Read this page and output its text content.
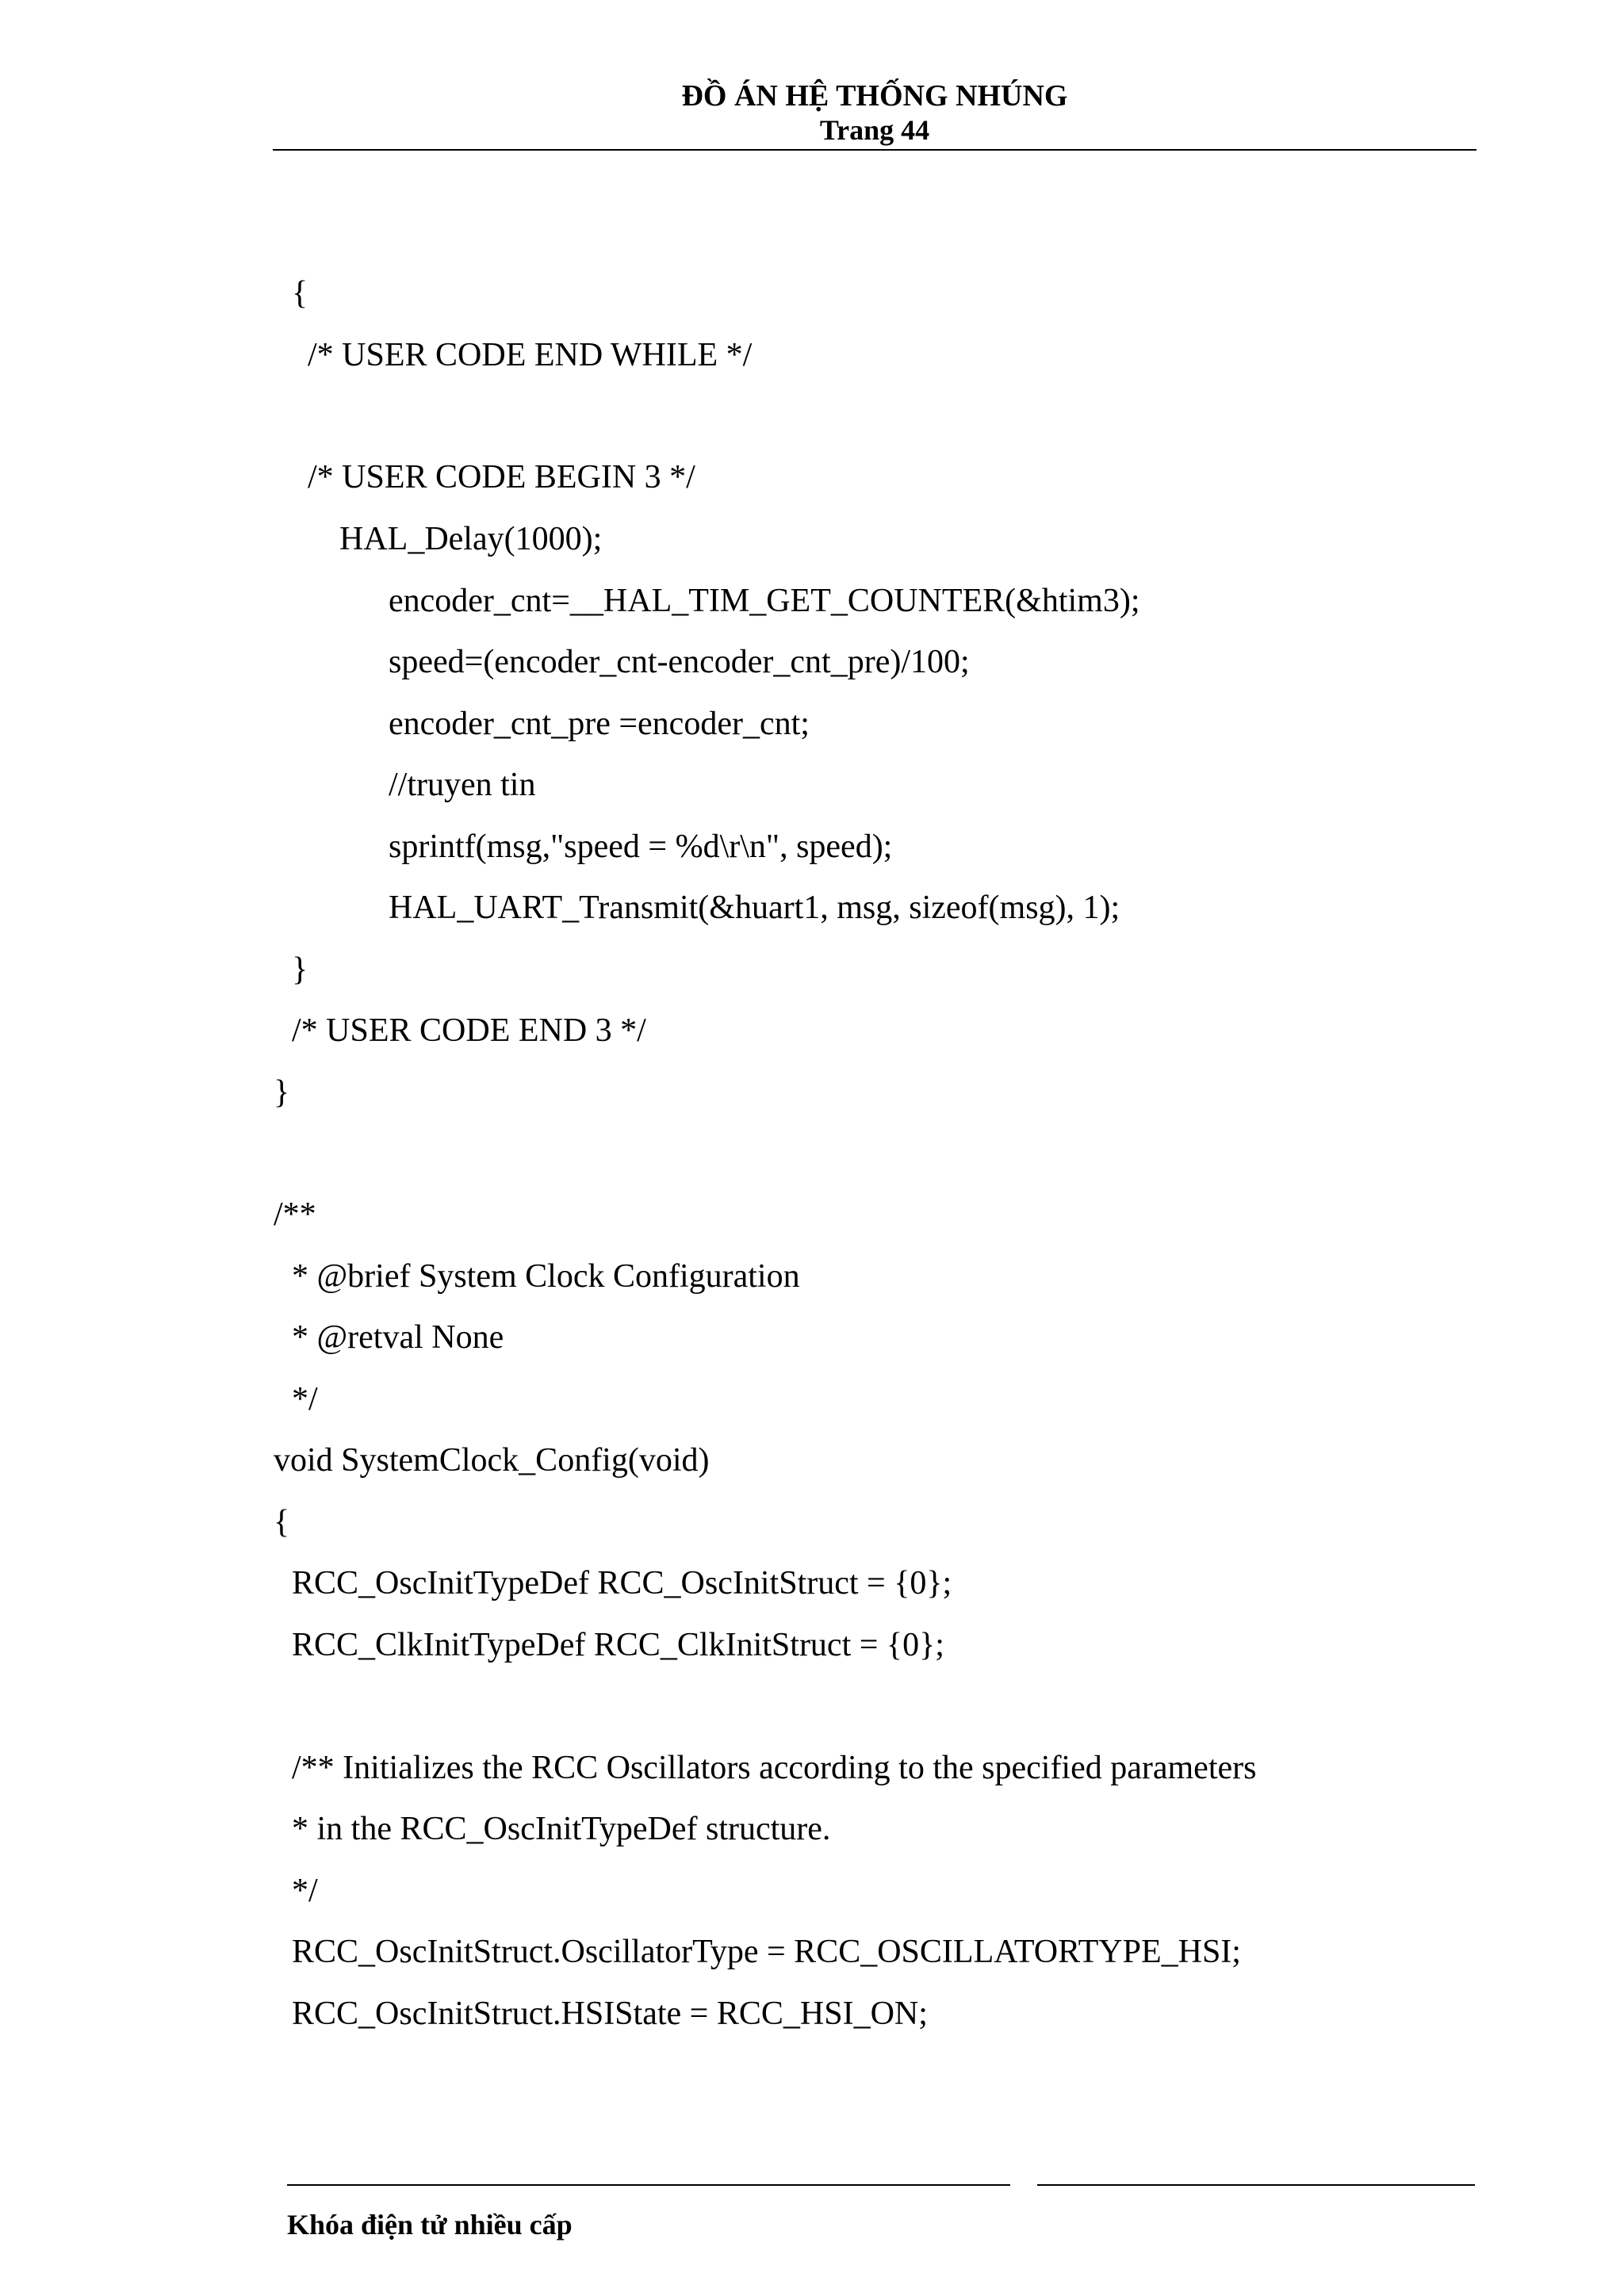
ĐỒ ÁN HỆ THỐNG NHÚNG
Trang 44
{
/* USER CODE END WHILE */
/* USER CODE BEGIN 3 */
HAL_Delay(1000);
encoder_cnt=__HAL_TIM_GET_COUNTER(&htim3);
speed=(encoder_cnt-encoder_cnt_pre)/100;
encoder_cnt_pre =encoder_cnt;
//truyen tin
sprintf(msg,"speed = %d\r\n", speed);
HAL_UART_Transmit(&huart1, msg, sizeof(msg), 1);
}
/* USER CODE END 3 */
}
/**
* @brief System Clock Configuration
* @retval None
*/
void SystemClock_Config(void)
{
RCC_OscInitTypeDef RCC_OscInitStruct = {0};
RCC_ClkInitTypeDef RCC_ClkInitStruct = {0};
/** Initializes the RCC Oscillators according to the specified parameters
* in the RCC_OscInitTypeDef structure.
*/
RCC_OscInitStruct.OscillatorType = RCC_OSCILLATORTYPE_HSI;
RCC_OscInitStruct.HSIState = RCC_HSI_ON;
Khóa điện tử nhiều cấp
